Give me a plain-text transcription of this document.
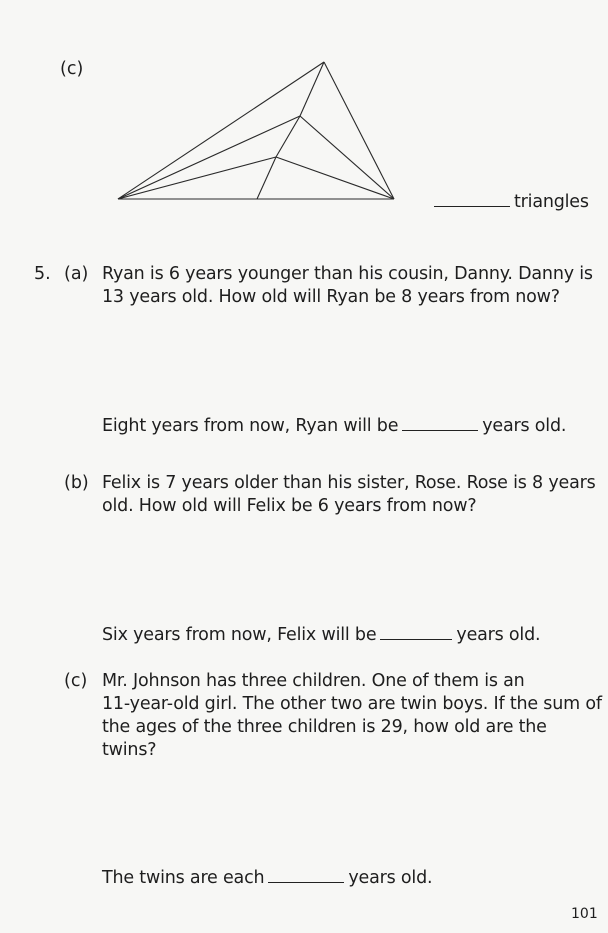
(c)
triangles
5. (a) Ryan is 6 years younger than his cousin, Danny. Danny is
13 years old. How old will Ryan be 8 years from now?
Eight years from now, Ryan will be	years old.
(b) Felix is 7 years older than his sister, Rose. Rose is 8 years
old. How old will Felix be 6 years from now?
Six years from now, Felix will be	years old.
(c) Mr. Johnson has three children. One of them is an
11-year-old girl. The other two are twin boys. If the sum of
the ages of the three children is 29, how old are the
twins?
The twins are each	years old.
101
